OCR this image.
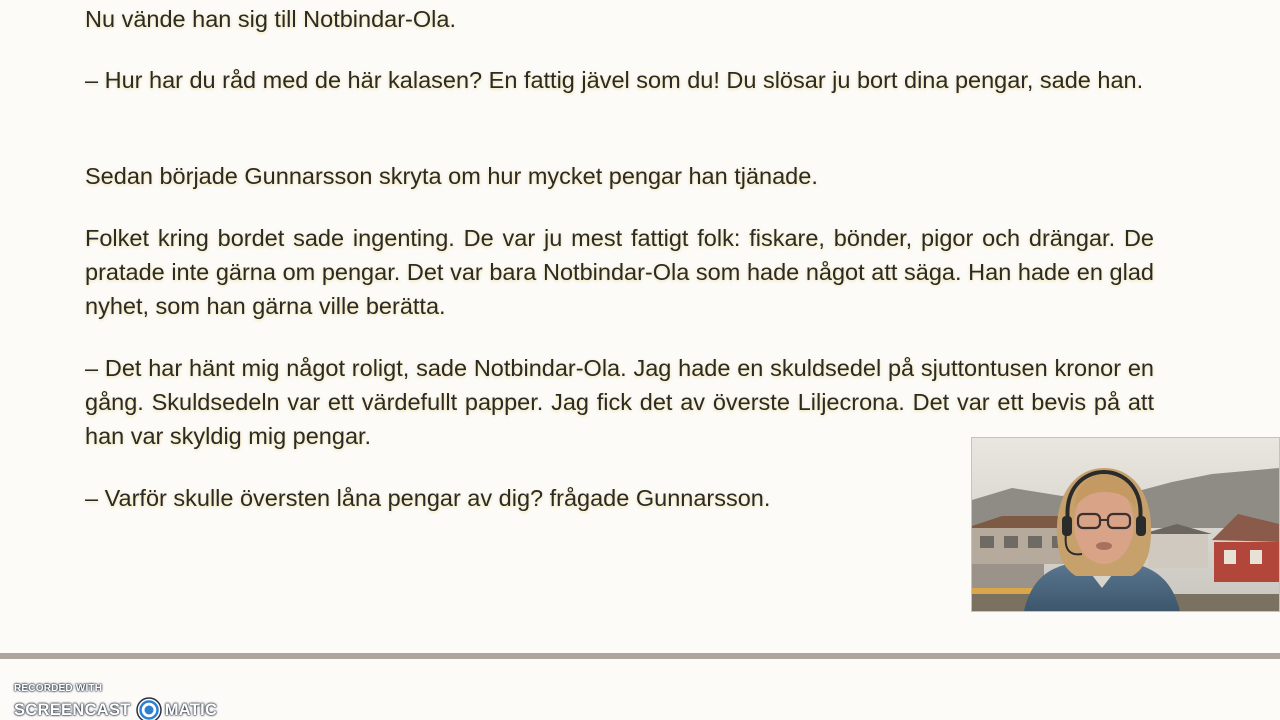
Nu vände han sig till Notbindar-Ola.

– Hur har du råd med de här kalasen? En fattig jävel som du! Du slösar ju bort dina pengar, sade han.

Sedan började Gunnarsson skryta om hur mycket pengar han tjänade.

Folket kring bordet sade ingenting. De var ju mest fattigt folk: fiskare, bönder, pigor och drängar. De pratade inte gärna om pengar. Det var bara Notbindar-Ola som hade något att säga. Han hade en glad nyhet, som han gärna ville berätta.

– Det har hänt mig något roligt, sade Notbindar-Ola. Jag hade en skuldsedel på sjuttontusen kronor en gång. Skuldsedeln var ett värdefullt papper. Jag fick det av överste Liljecrona. Det var ett bevis på att han var skyldig mig pengar.

– Varför skulle översten låna pengar av dig? frågade Gunnarsson.

RECORDED WITH
SCREENCAST MATIC
